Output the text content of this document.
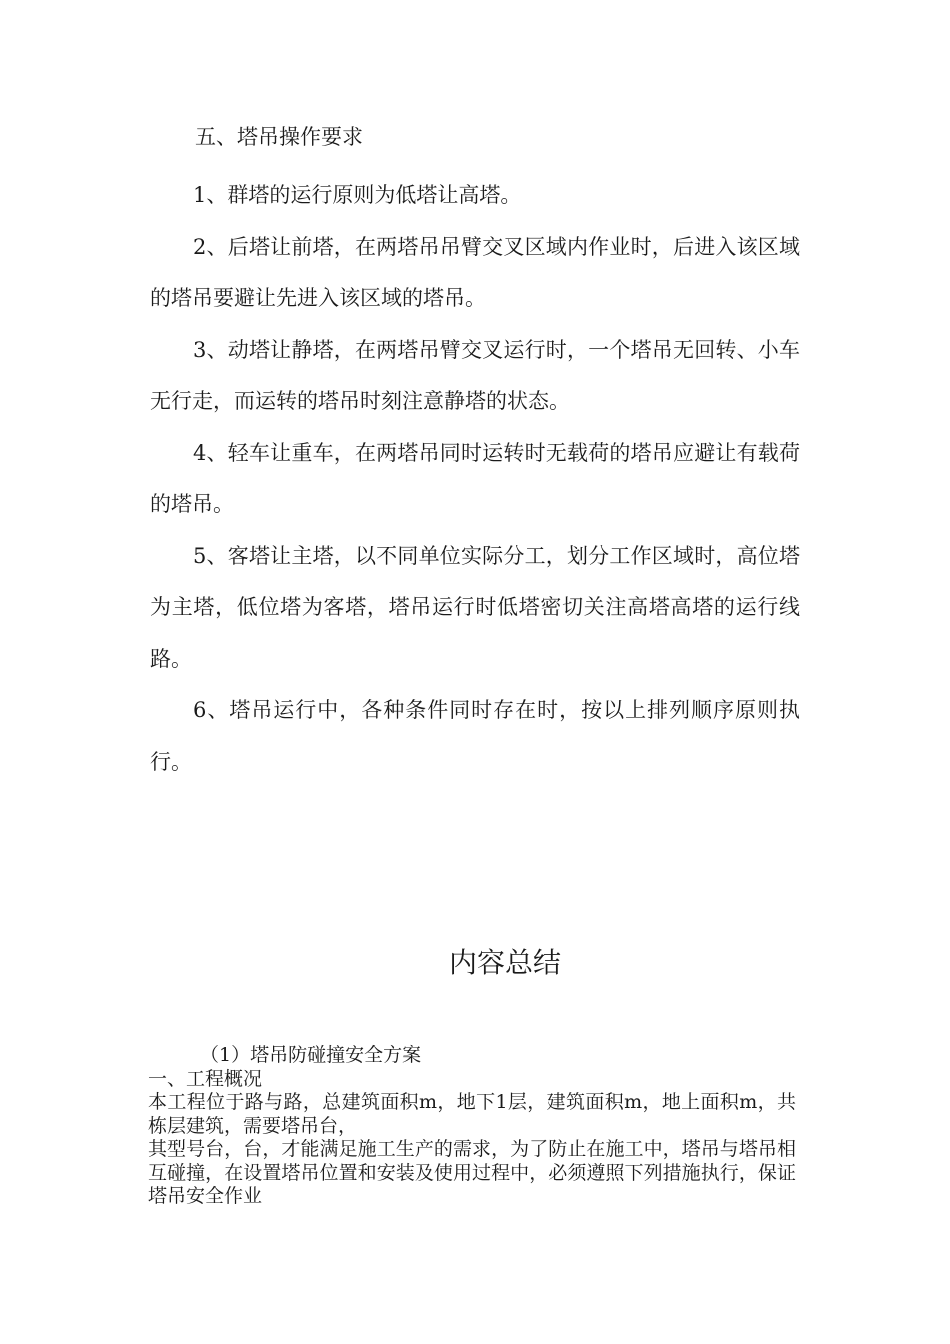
五、塔吊操作要求

1、群塔的运行原则为低塔让高塔。

2、后塔让前塔，在两塔吊吊臂交叉区域内作业时，后进入该区域的塔吊要避让先进入该区域的塔吊。

3、动塔让静塔，在两塔吊臂交叉运行时，一个塔吊无回转、小车无行走，而运转的塔吊时刻注意静塔的状态。

4、轻车让重车，在两塔吊同时运转时无载荷的塔吊应避让有载荷的塔吊。

5、客塔让主塔，以不同单位实际分工，划分工作区域时，高位塔为主塔，低位塔为客塔，塔吊运行时低塔密切关注高塔高塔的运行线路。

6、塔吊运行中，各种条件同时存在时，按以上排列顺序原则执行。

内容总结

（1）塔吊防碰撞安全方案

一、工程概况

本工程位于路与路，总建筑面积m，地下1层，建筑面积m，地上面积m，共栋层建筑，需要塔吊台，

其型号台，台，才能满足施工生产的需求，为了防止在施工中，塔吊与塔吊相互碰撞，在设置塔吊位置和安装及使用过程中，必须遵照下列措施执行，保证塔吊安全作业
